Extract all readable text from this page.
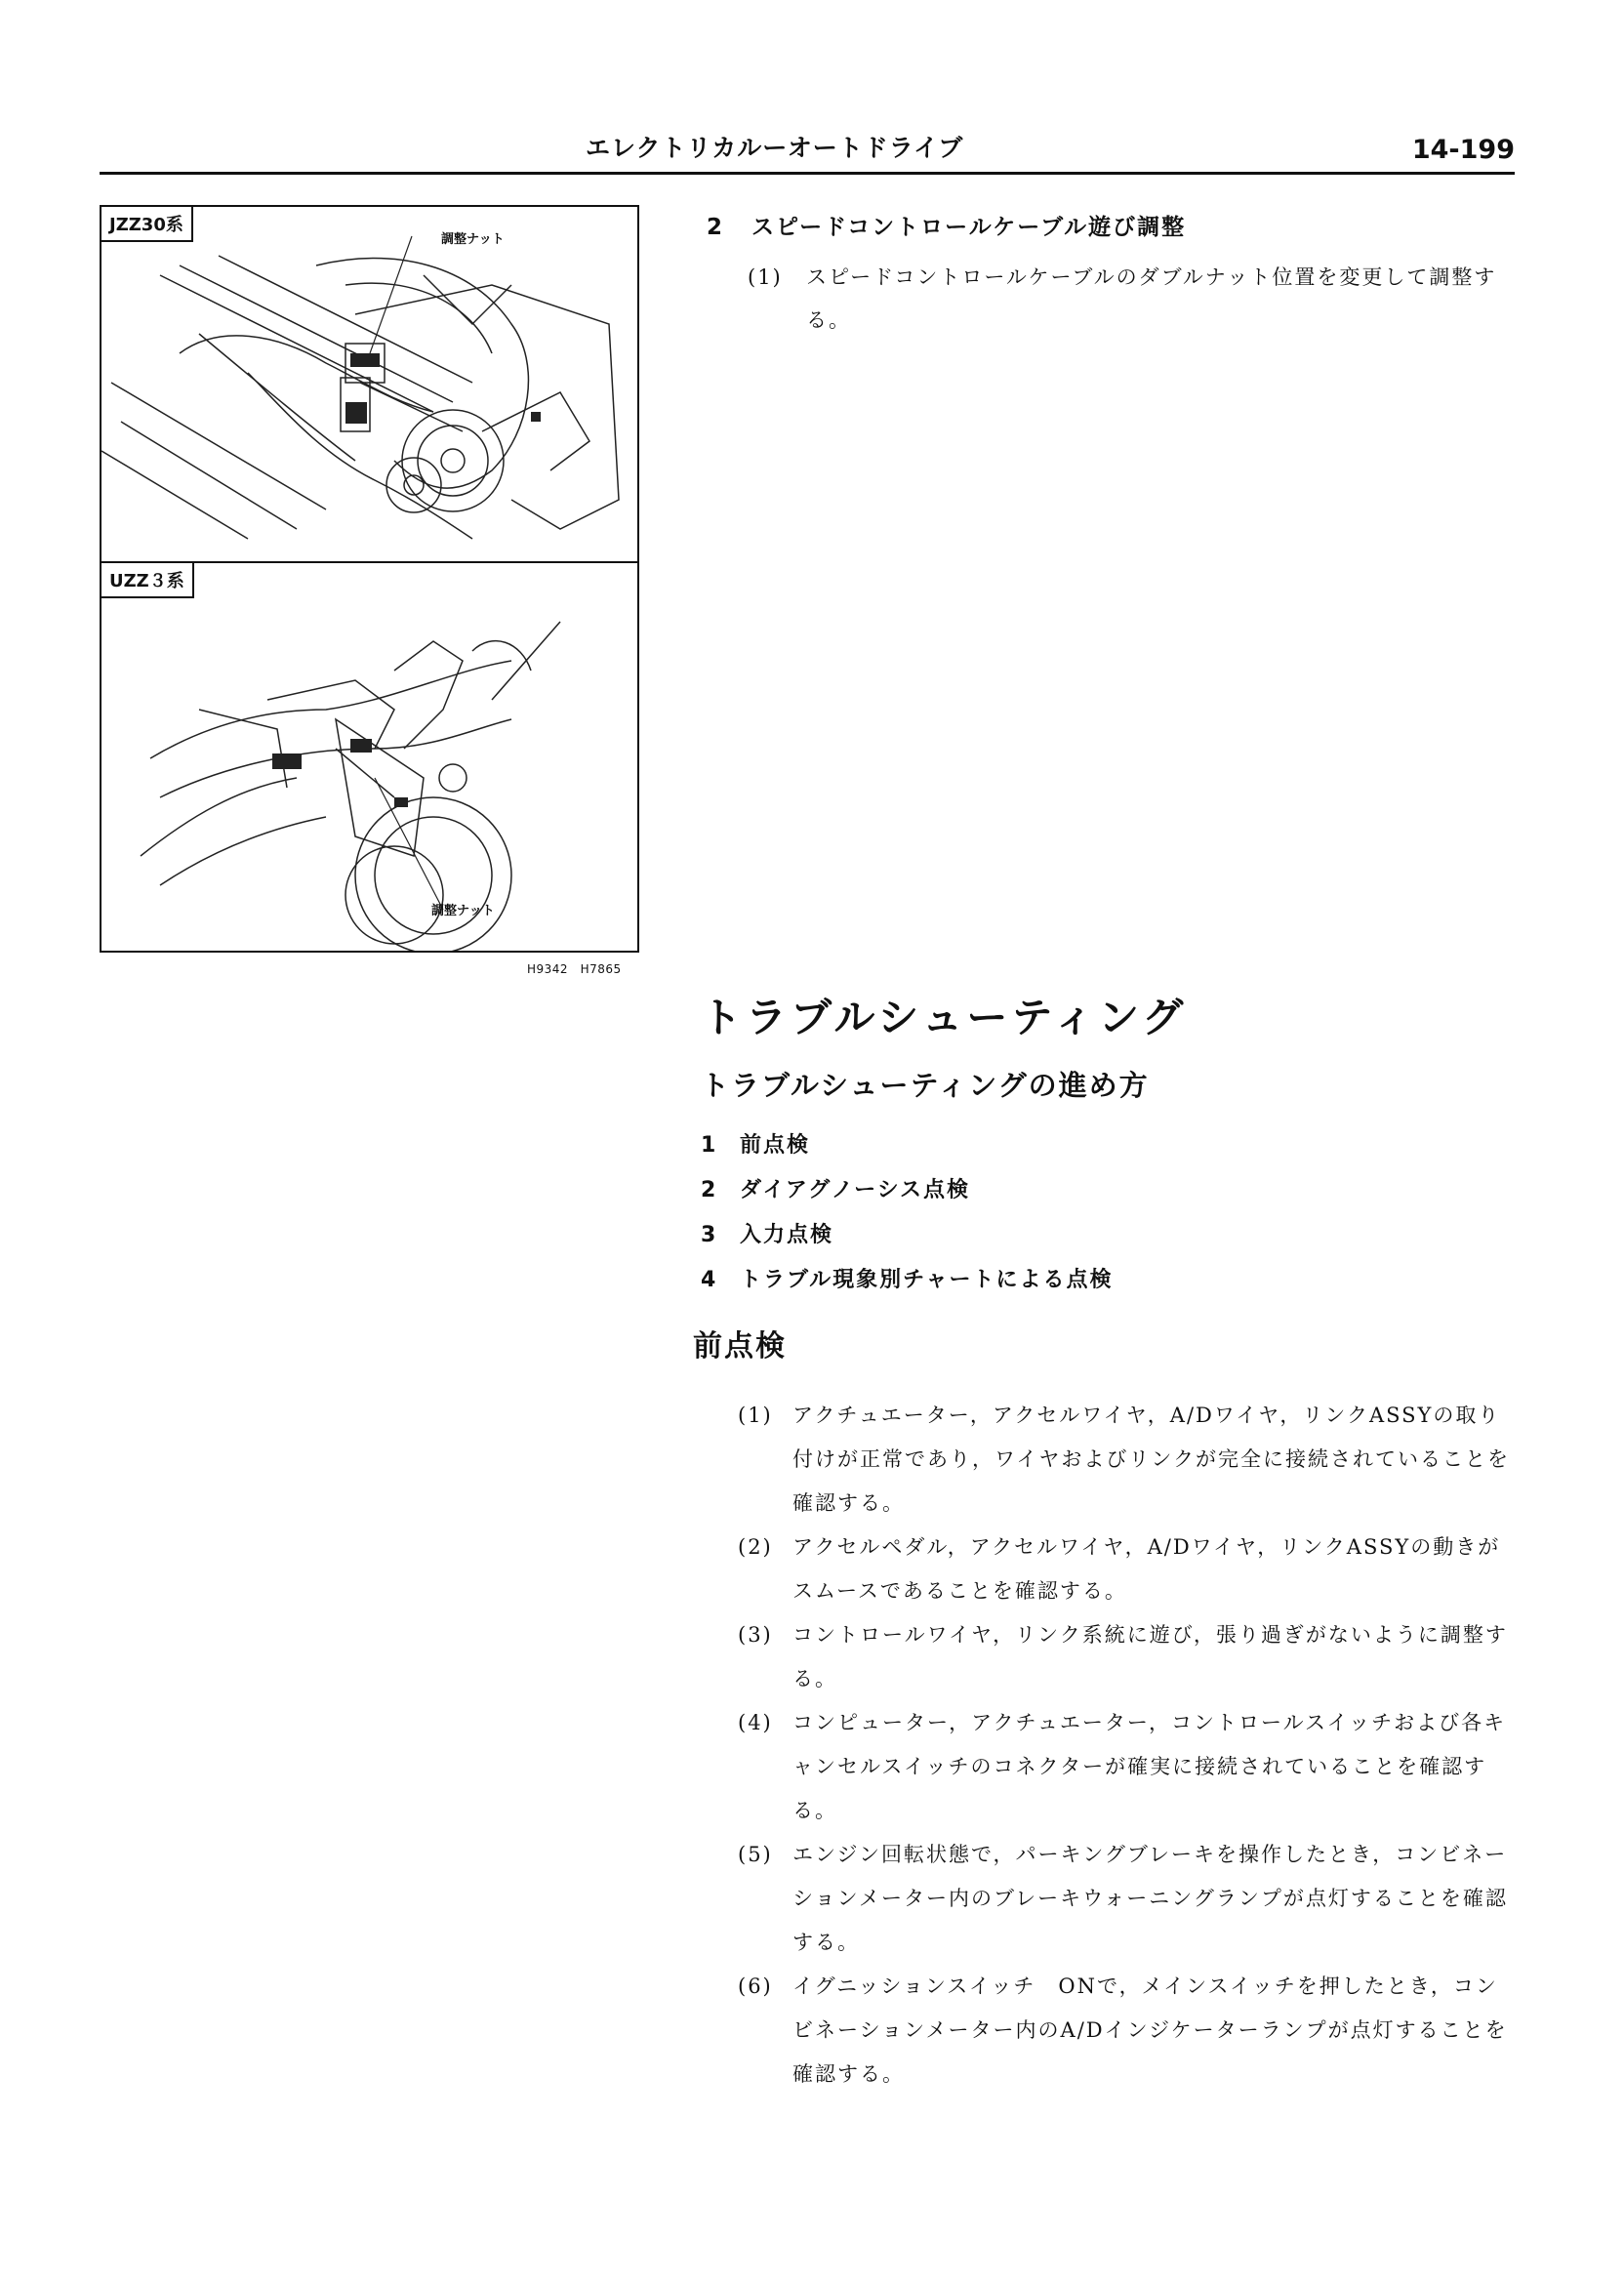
エレクトリカルーオートドライブ	14-199
JZZ30系
調整ナット
UZZ３系
調整ナット
H9342　H7865
2 スピードコントロールケーブル遊び調整
(1)	スピードコントロールケーブルのダブルナット位置を変更して調整する。
トラブルシューティング
トラブルシューティングの進め方
1 前点検
2 ダイアグノーシス点検
3 入力点検
4 トラブル現象別チャートによる点検
前点検
(1) アクチュエーター，アクセルワイヤ，A/Dワイヤ，リンクASSYの取り付けが正常であり，ワイヤおよびリンクが完全に接続されていることを確認する。
(2) アクセルペダル，アクセルワイヤ，A/Dワイヤ，リンクASSYの動きがスムースであることを確認する。
(3) コントロールワイヤ，リンク系統に遊び，張り過ぎがないように調整する。
(4) コンピューター，アクチュエーター，コントロールスイッチおよび各キャンセルスイッチのコネクターが確実に接続されていることを確認する。
(5) エンジン回転状態で，パーキングブレーキを操作したとき，コンビネーションメーター内のブレーキウォーニングランプが点灯することを確認する。
(6) イグニッションスイッチ　ONで，メインスイッチを押したとき，コンビネーションメーター内のA/Dインジケーターランプが点灯することを確認する。
